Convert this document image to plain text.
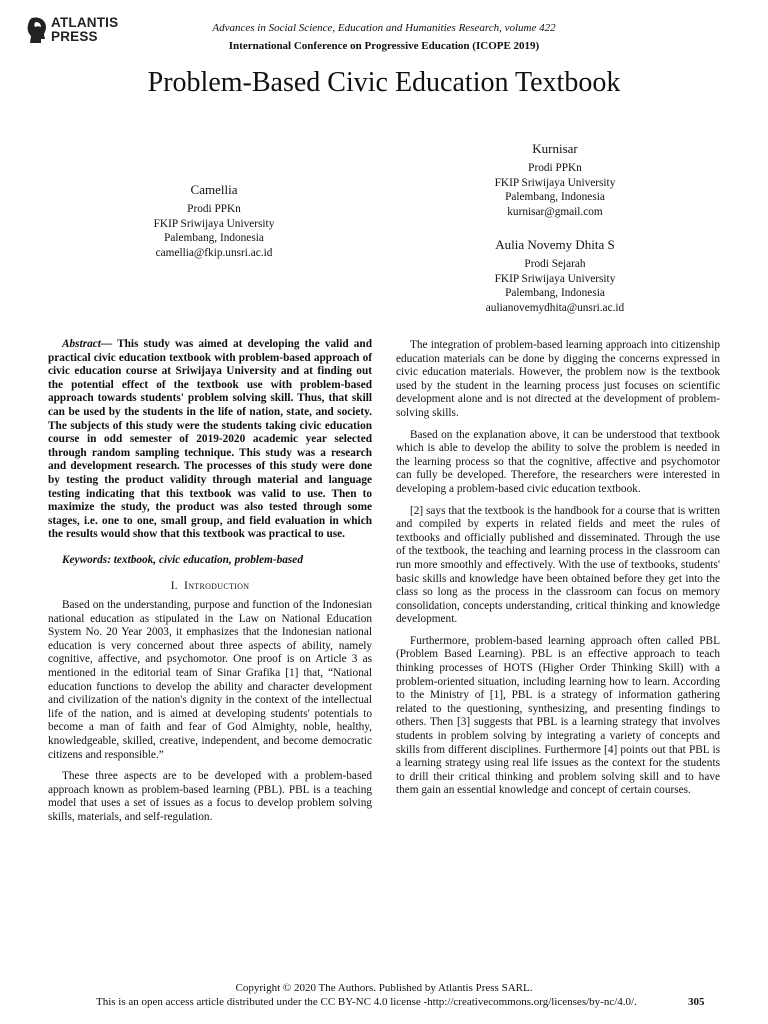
ATLANTIS
PRESS
Advances in Social Science, Education and Humanities Research, volume 422
International Conference on Progressive Education (ICOPE 2019)
Problem-Based Civic Education Textbook
Camellia
Prodi PPKn
FKIP Sriwijaya University
Palembang, Indonesia
camellia@fkip.unsri.ac.id
Kurnisar
Prodi PPKn
FKIP Sriwijaya University
Palembang, Indonesia
kurnisar@gmail.com
Aulia Novemy Dhita S
Prodi Sejarah
FKIP Sriwijaya University
Palembang, Indonesia
aulianovemydhita@unsri.ac.id

Abstract— This study was aimed at developing the valid and practical civic education textbook with problem-based approach of civic education course at Sriwijaya University and at finding out the potential effect of the textbook use with problem-based approach towards students' problem solving skill. Thus, that skill can be used by the students in the life of nation, state, and society. The subjects of this study were the students taking civic education course in odd semester of 2019-2020 academic year selected through random sampling technique. This study was a research and development research. The processes of this study were done by testing the product validity through material and language testing indicating that this textbook was valid to use. Then to maximize the study, the product was also tested through some stages, i.e. one to one, small group, and field evaluation in which the results would show that this textbook was practical to use.

Keywords: textbook, civic education, problem-based

I. Introduction

Based on the understanding, purpose and function of the Indonesian national education as stipulated in the Law on National Education System No. 20 Year 2003, it emphasizes that the Indonesian national education is very concerned about three aspects of ability, namely cognitive, affective, and psychomotor. One proof is on Article 3 as mentioned in the editorial team of Sinar Grafika [1] that, “National education functions to develop the ability and character development and civilization of the nation's dignity in the context of the intellectual life of the nation, and is aimed at developing students' potentials to become a man of faith and fear of God Almighty, noble, healthy, knowledgeable, skilled, creative, independent, and become democratic citizens and responsible.”

These three aspects are to be developed with a problem-based approach known as problem-based learning (PBL). PBL is a teaching model that uses a set of issues as a focus to develop problem solving skills, materials, and self-regulation.

The integration of problem-based learning approach into citizenship education materials can be done by digging the concerns expressed in civic education materials. However, the problem now is the textbook used by the student in the learning process just focuses on scientific development alone and is not directed at the development of problem-solving skills.

Based on the explanation above, it can be understood that textbook which is able to develop the ability to solve the problem is needed in the learning process so that the cognitive, affective and psychomotor can fully be developed. Therefore, the researchers were interested in developing a problem-based civic education textbook.

[2] says that the textbook is the handbook for a course that is written and compiled by experts in related fields and meet the rules of textbooks and officially published and disseminated. Through the use of the textbook, the teaching and learning process in the classroom can run more smoothly and effectively. With the use of textbooks, students' basic skills and knowledge have been obtained before they get into the class so long as the process in the classroom can focus on memory consolidation, concepts understanding, critical thinking and knowledge development.

Furthermore, problem-based learning approach often called PBL (Problem Based Learning). PBL is an effective approach to teach thinking processes of HOTS (Higher Order Thinking Skill) with a problem-oriented situation, including learning how to learn. According to the Ministry of [1], PBL is a strategy of information gathering related to the questioning, synthesizing, and presenting findings to others. Then [3] suggests that PBL is a learning strategy that involves students in problem solving by integrating a variety of concepts and skills from different disciplines. Furthermore [4] points out that PBL is a learning strategy using real life issues as the context for the students to drill their critical thinking and problem solving skill and to have them gain an essential knowledge and concept of certain courses.

Copyright © 2020 The Authors. Published by Atlantis Press SARL.
This is an open access article distributed under the CC BY-NC 4.0 license -http://creativecommons.org/licenses/by-nc/4.0/.	305
